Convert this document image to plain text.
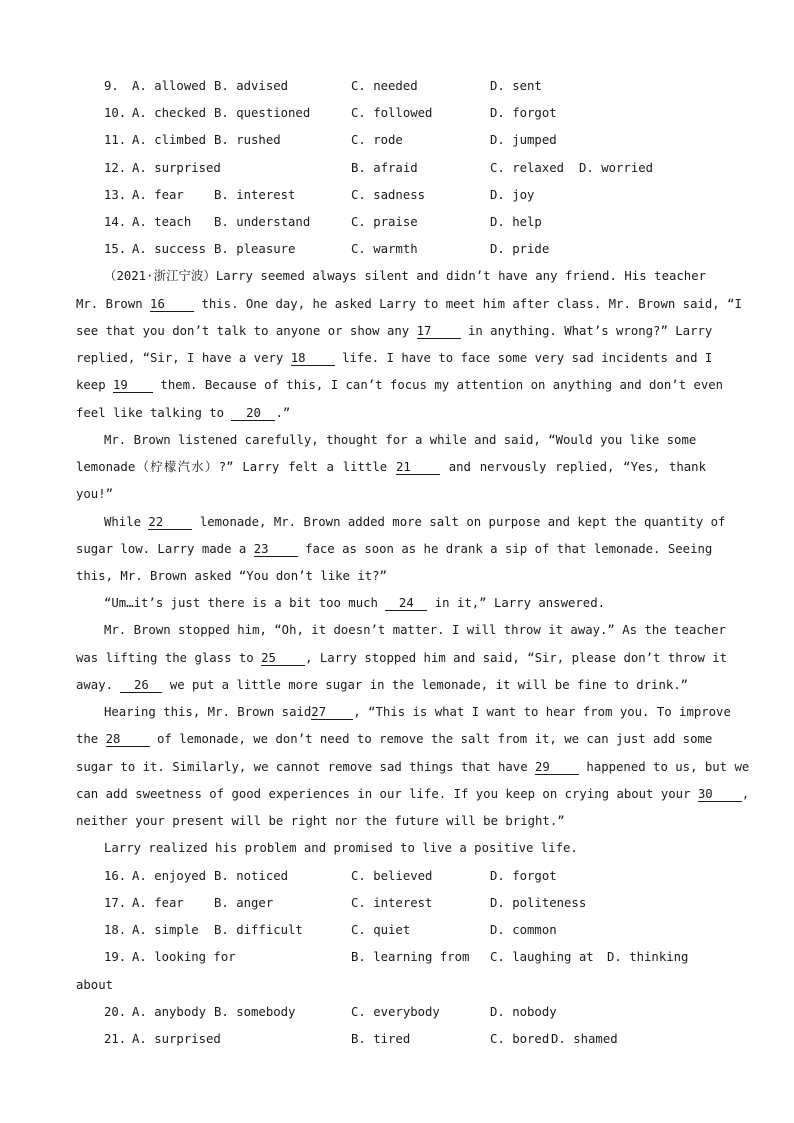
9. A. allowed B. advised	C. needed	D. sent
10. A. checked B. questioned	C. followed	D. forgot
11. A. climbed B. rushed	C. rode	D. jumped
12. A. surprised	B. afraid	C. relaxed D. worried
13. A. fear B. interest	C. sadness	D. joy
14. A. teach B. understand	C. praise	D. help
15. A. success B. pleasure	C. warmth	D. pride
（2021·浙江宁波）Larry seemed always silent and didn’t have any friend. His teacher
Mr. Brown 16 this. One day, he asked Larry to meet him after class. Mr. Brown said, “I
see that you don’t talk to anyone or show any 17 in anything. What’s wrong?” Larry
replied, “Sir, I have a very 18 life. I have to face some very sad incidents and I
keep 19 them. Because of this, I can’t focus my attention on anything and don’t even
feel like talking to 20 .”
Mr. Brown listened carefully, thought for a while and said, “Would you like some
lemonade（柠檬汽水）?” Larry felt a little 21 and nervously replied, “Yes, thank
you!”
While 22 lemonade, Mr. Brown added more salt on purpose and kept the quantity of
sugar low. Larry made a 23 face as soon as he drank a sip of that lemonade. Seeing
this, Mr. Brown asked “You don’t like it?”
“Um…it’s just there is a bit too much 24 in it,” Larry answered.
Mr. Brown stopped him, “Oh, it doesn’t matter. I will throw it away.” As the teacher
was lifting the glass to 25 , Larry stopped him and said, “Sir, please don’t throw it
away. 26 we put a little more sugar in the lemonade, it will be fine to drink.”
Hearing this, Mr. Brown said27 , “This is what I want to hear from you. To improve
the 28 of lemonade, we don’t need to remove the salt from it, we can just add some
sugar to it. Similarly, we cannot remove sad things that have 29 happened to us, but we
can add sweetness of good experiences in our life. If you keep on crying about your 30 ,
neither your present will be right nor the future will be bright.”
Larry realized his problem and promised to live a positive life.
16. A. enjoyed B. noticed	C. believed	D. forgot
17. A. fear B. anger	C. interest	D. politeness
18. A. simple B. difficult	C. quiet	D. common
19. A. looking for	B. learning from C. laughing at D. thinking
about
20. A. anybody B. somebody	C. everybody	D. nobody
21. A. surprised	B. tired	C. bored D. shamed
